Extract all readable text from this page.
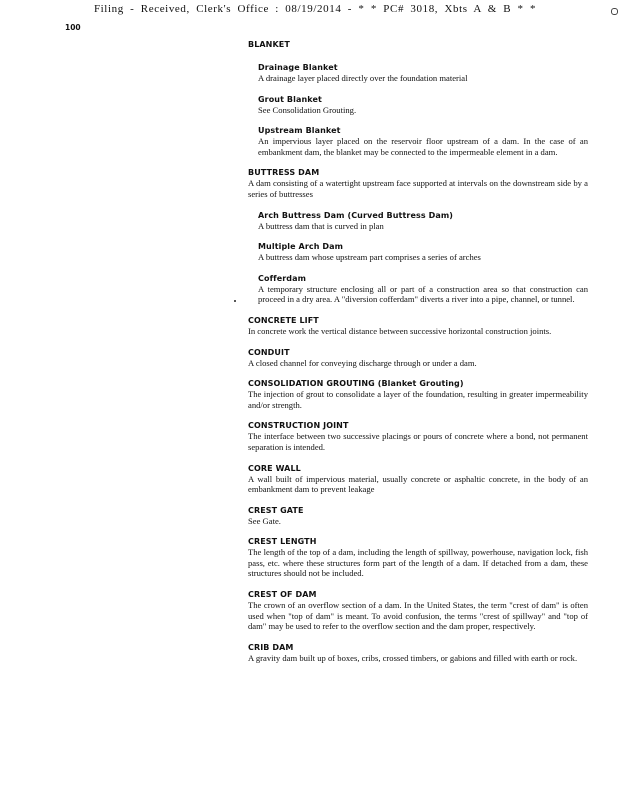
Filing - Received, Clerk's Office : 08/19/2014 - * * PC# 3018, Xbts A & B * *
100

BLANKET

Drainage Blanket

A drainage layer placed directly over the foundation material

Grout Blanket

See Consolidation Grouting.

Upstream Blanket

An impervious layer placed on the reservoir floor upstream of a dam. In the case of an embankment dam, the blanket may be connected to the impermeable element in a dam.

BUTTRESS DAM

A dam consisting of a watertight upstream face supported at intervals on the downstream side by a series of buttresses

Arch Buttress Dam (Curved Buttress Dam)

A buttress dam that is curved in plan

Multiple Arch Dam

A buttress dam whose upstream part comprises a series of arches

Cofferdam

A temporary structure enclosing all or part of a construction area so that construction can proceed in a dry area. A "diversion cofferdam" diverts a river into a pipe, channel, or tunnel.

CONCRETE LIFT

In concrete work the vertical distance between successive horizontal construction joints.

CONDUIT

A closed channel for conveying discharge through or under a dam.

CONSOLIDATION GROUTING (Blanket Grouting)

The injection of grout to consolidate a layer of the foundation, resulting in greater impermeability and/or strength.

CONSTRUCTION JOINT

The interface between two successive placings or pours of concrete where a bond, not permanent separation is intended.

CORE WALL

A wall built of impervious material, usually concrete or asphaltic concrete, in the body of an embankment dam to prevent leakage

CREST GATE

See Gate.

CREST LENGTH

The length of the top of a dam, including the length of spillway, powerhouse, navigation lock, fish pass, etc. where these structures form part of the length of a dam. If detached from a dam, these structures should not be included.

CREST OF DAM

The crown of an overflow section of a dam. In the United States, the term "crest of dam" is often used when "top of dam" is meant. To avoid confusion, the terms "crest of spillway" and "top of dam" may be used to refer to the overflow section and the dam proper, respectively.

CRIB DAM

A gravity dam built up of boxes, cribs, crossed timbers, or gabions and filled with earth or rock.
